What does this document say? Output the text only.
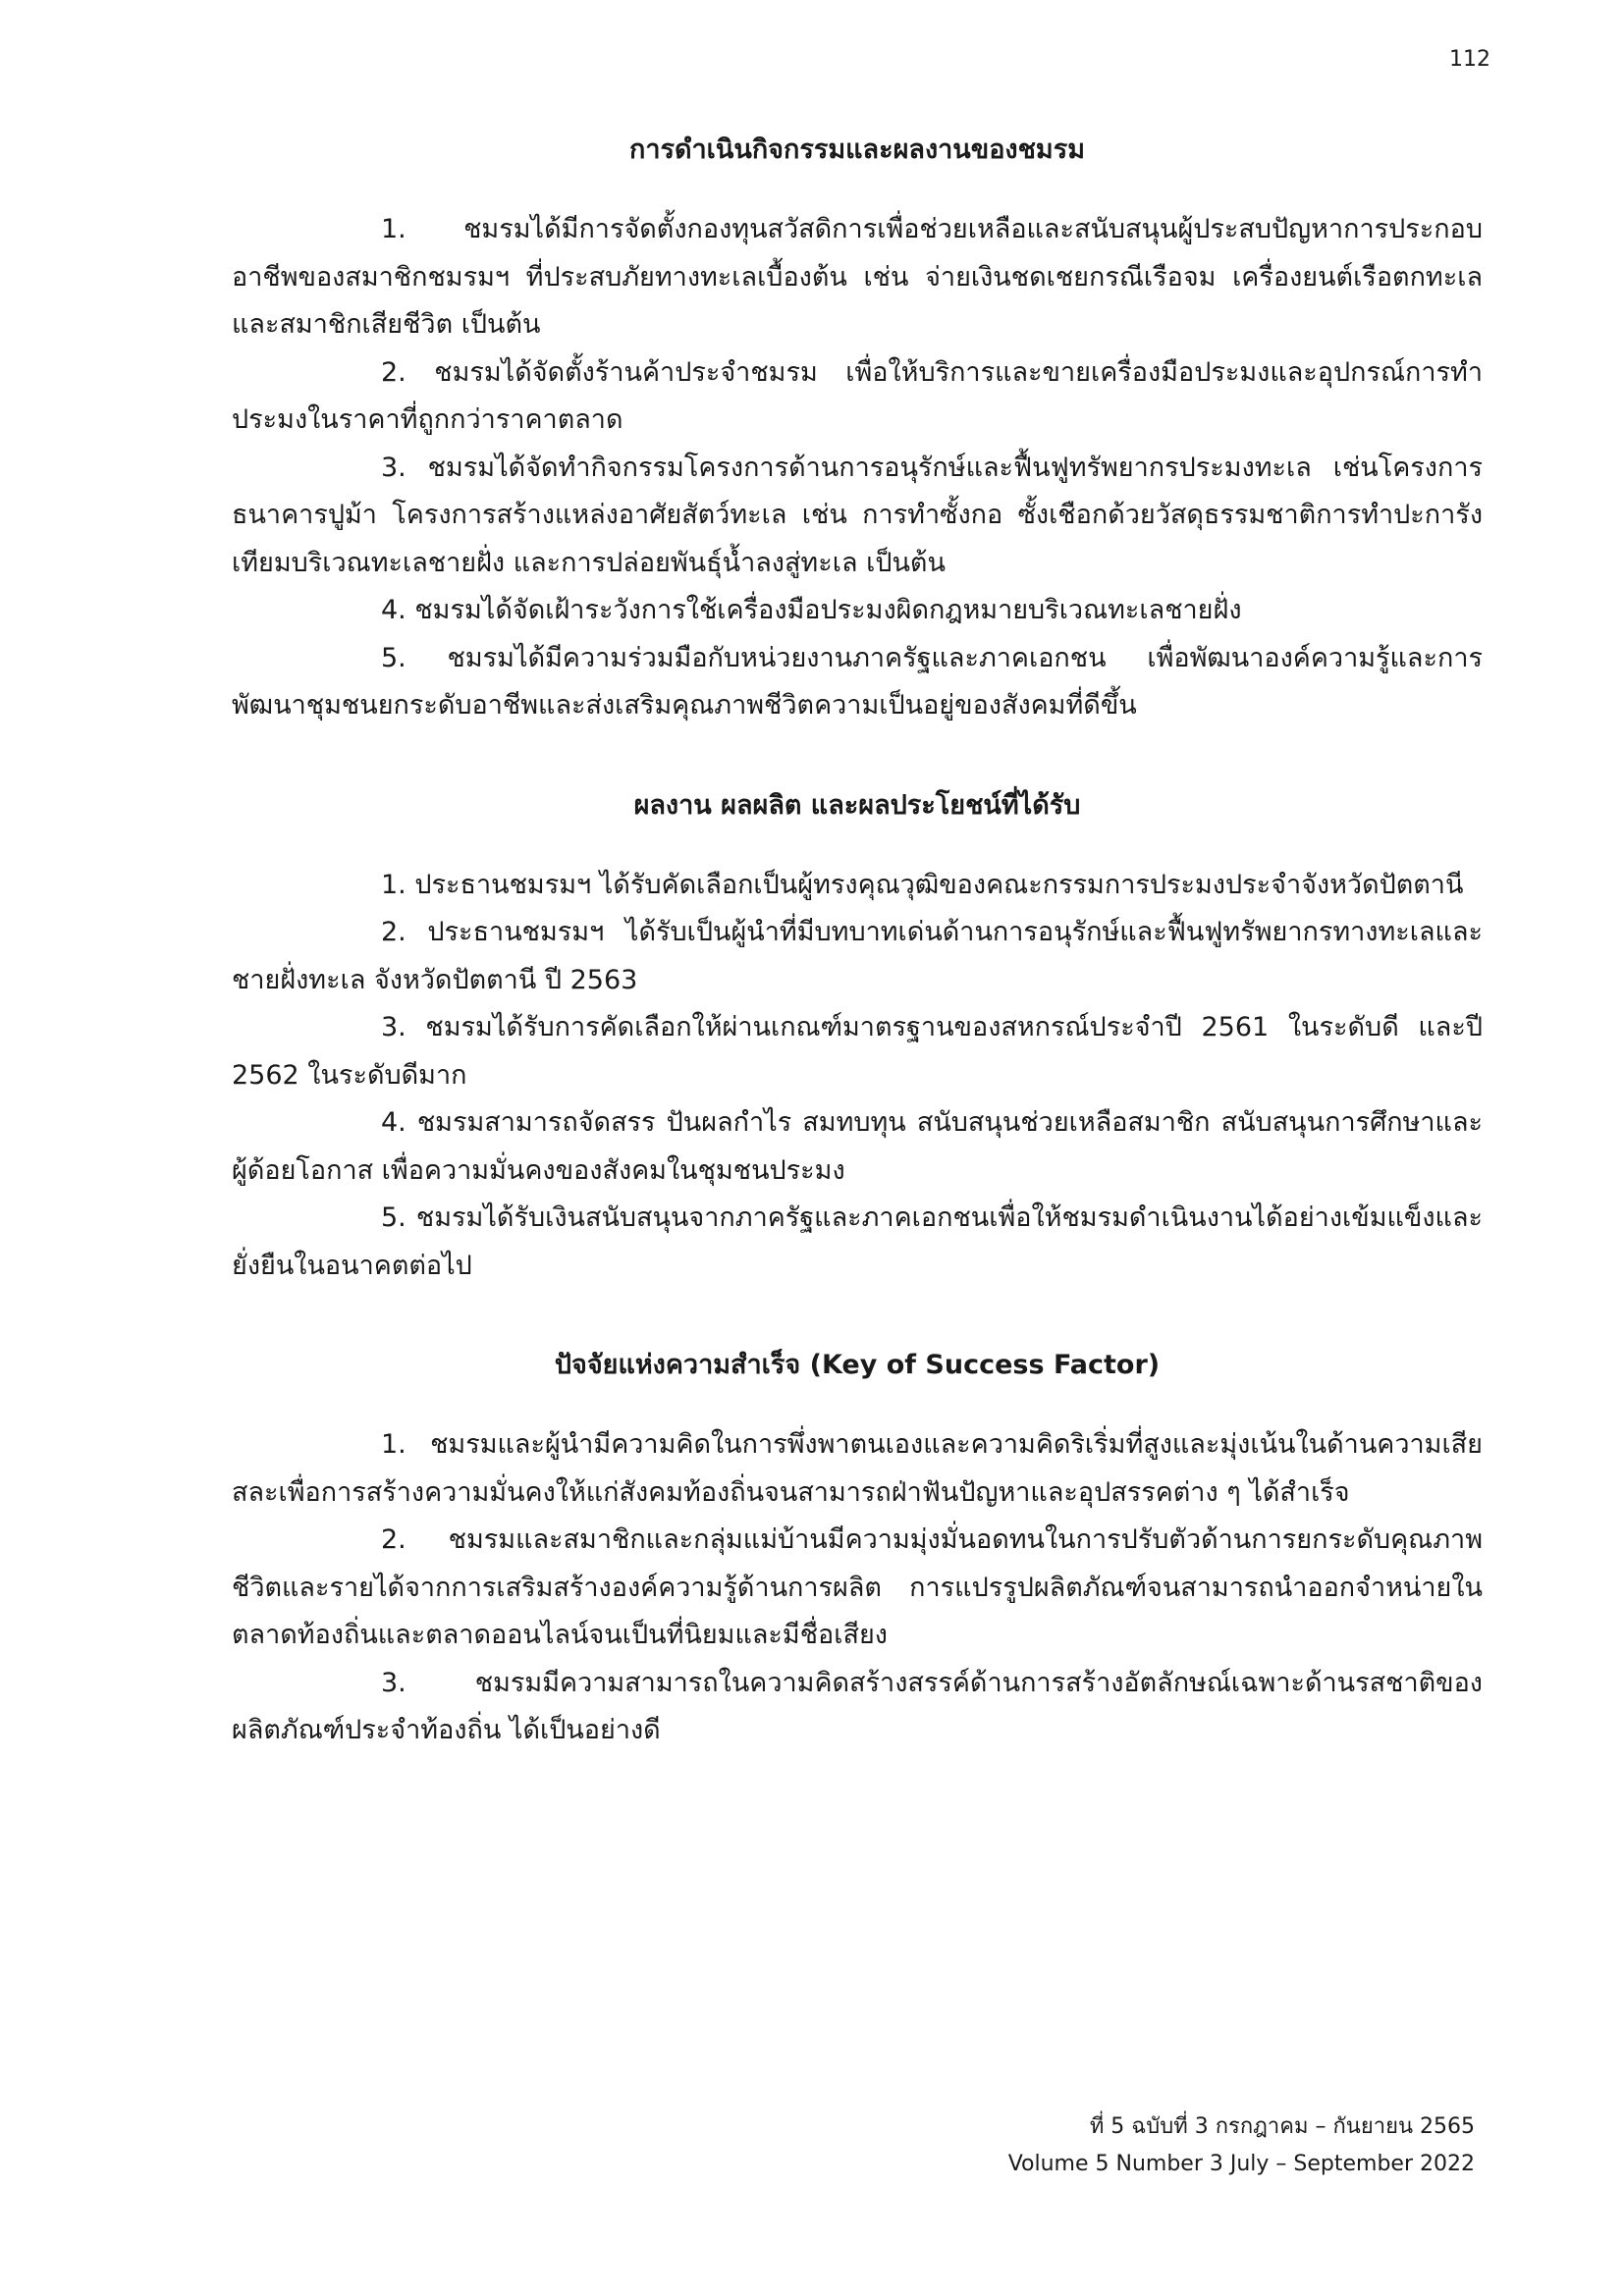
112
การดำเนินกิจกรรมและผลงานของชมรม

1. ชมรมได้มีการจัดตั้งกองทุนสวัสดิการเพื่อช่วยเหลือและสนับสนุนผู้ประสบปัญหาการประกอบอาชีพของสมาชิกชมรมฯ ที่ประสบภัยทางทะเลเบื้องต้น เช่น จ่ายเงินชดเชยกรณีเรือจม เครื่องยนต์เรือตกทะเลและสมาชิกเสียชีวิต เป็นต้น

2. ชมรมได้จัดตั้งร้านค้าประจำชมรม เพื่อให้บริการและขายเครื่องมือประมงและอุปกรณ์การทำประมงในราคาที่ถูกกว่าราคาตลาด

3. ชมรมได้จัดทำกิจกรรมโครงการด้านการอนุรักษ์และฟื้นฟูทรัพยากรประมงทะเล เช่นโครงการธนาคารปูม้า โครงการสร้างแหล่งอาศัยสัตว์ทะเล เช่น การทำซั้งกอ ซั้งเชือกด้วยวัสดุธรรมชาติการทำปะการังเทียมบริเวณทะเลชายฝั่ง และการปล่อยพันธุ์น้ำลงสู่ทะเล เป็นต้น

4. ชมรมได้จัดเฝ้าระวังการใช้เครื่องมือประมงผิดกฎหมายบริเวณทะเลชายฝั่ง

5. ชมรมได้มีความร่วมมือกับหน่วยงานภาครัฐและภาคเอกชน เพื่อพัฒนาองค์ความรู้และการพัฒนาชุมชนยกระดับอาชีพและส่งเสริมคุณภาพชีวิตความเป็นอยู่ของสังคมที่ดีขึ้น

ผลงาน ผลผลิต และผลประโยชน์ที่ได้รับ

1. ประธานชมรมฯ ได้รับคัดเลือกเป็นผู้ทรงคุณวุฒิของคณะกรรมการประมงประจำจังหวัดปัตตานี

2. ประธานชมรมฯ ได้รับเป็นผู้นำที่มีบทบาทเด่นด้านการอนุรักษ์และฟื้นฟูทรัพยากรทางทะเลและชายฝั่งทะเล จังหวัดปัตตานี ปี 2563

3. ชมรมได้รับการคัดเลือกให้ผ่านเกณฑ์มาตรฐานของสหกรณ์ประจำปี 2561 ในระดับดี และปี 2562 ในระดับดีมาก

4. ชมรมสามารถจัดสรร ปันผลกำไร สมทบทุน สนับสนุนช่วยเหลือสมาชิก สนับสนุนการศึกษาและผู้ด้อยโอกาส เพื่อความมั่นคงของสังคมในชุมชนประมง

5. ชมรมได้รับเงินสนับสนุนจากภาครัฐและภาคเอกชนเพื่อให้ชมรมดำเนินงานได้อย่างเข้มแข็งและยั่งยืนในอนาคตต่อไป

ปัจจัยแห่งความสำเร็จ (Key of Success Factor)

1. ชมรมและผู้นำมีความคิดในการพึ่งพาตนเองและความคิดริเริ่มที่สูงและมุ่งเน้นในด้านความเสียสละเพื่อการสร้างความมั่นคงให้แก่สังคมท้องถิ่นจนสามารถฝ่าฟันปัญหาและอุปสรรคต่าง ๆ ได้สำเร็จ

2. ชมรมและสมาชิกและกลุ่มแม่บ้านมีความมุ่งมั่นอดทนในการปรับตัวด้านการยกระดับคุณภาพชีวิตและรายได้จากการเสริมสร้างองค์ความรู้ด้านการผลิต การแปรรูปผลิตภัณฑ์จนสามารถนำออกจำหน่ายในตลาดท้องถิ่นและตลาดออนไลน์จนเป็นที่นิยมและมีชื่อเสียง

3. ชมรมมีความสามารถในความคิดสร้างสรรค์ด้านการสร้างอัตลักษณ์เฉพาะด้านรสชาติของผลิตภัณฑ์ประจำท้องถิ่น ได้เป็นอย่างดี

ที่ 5 ฉบับที่ 3 กรกฎาคม – กันยายน 2565
Volume 5 Number 3 July – September 2022
